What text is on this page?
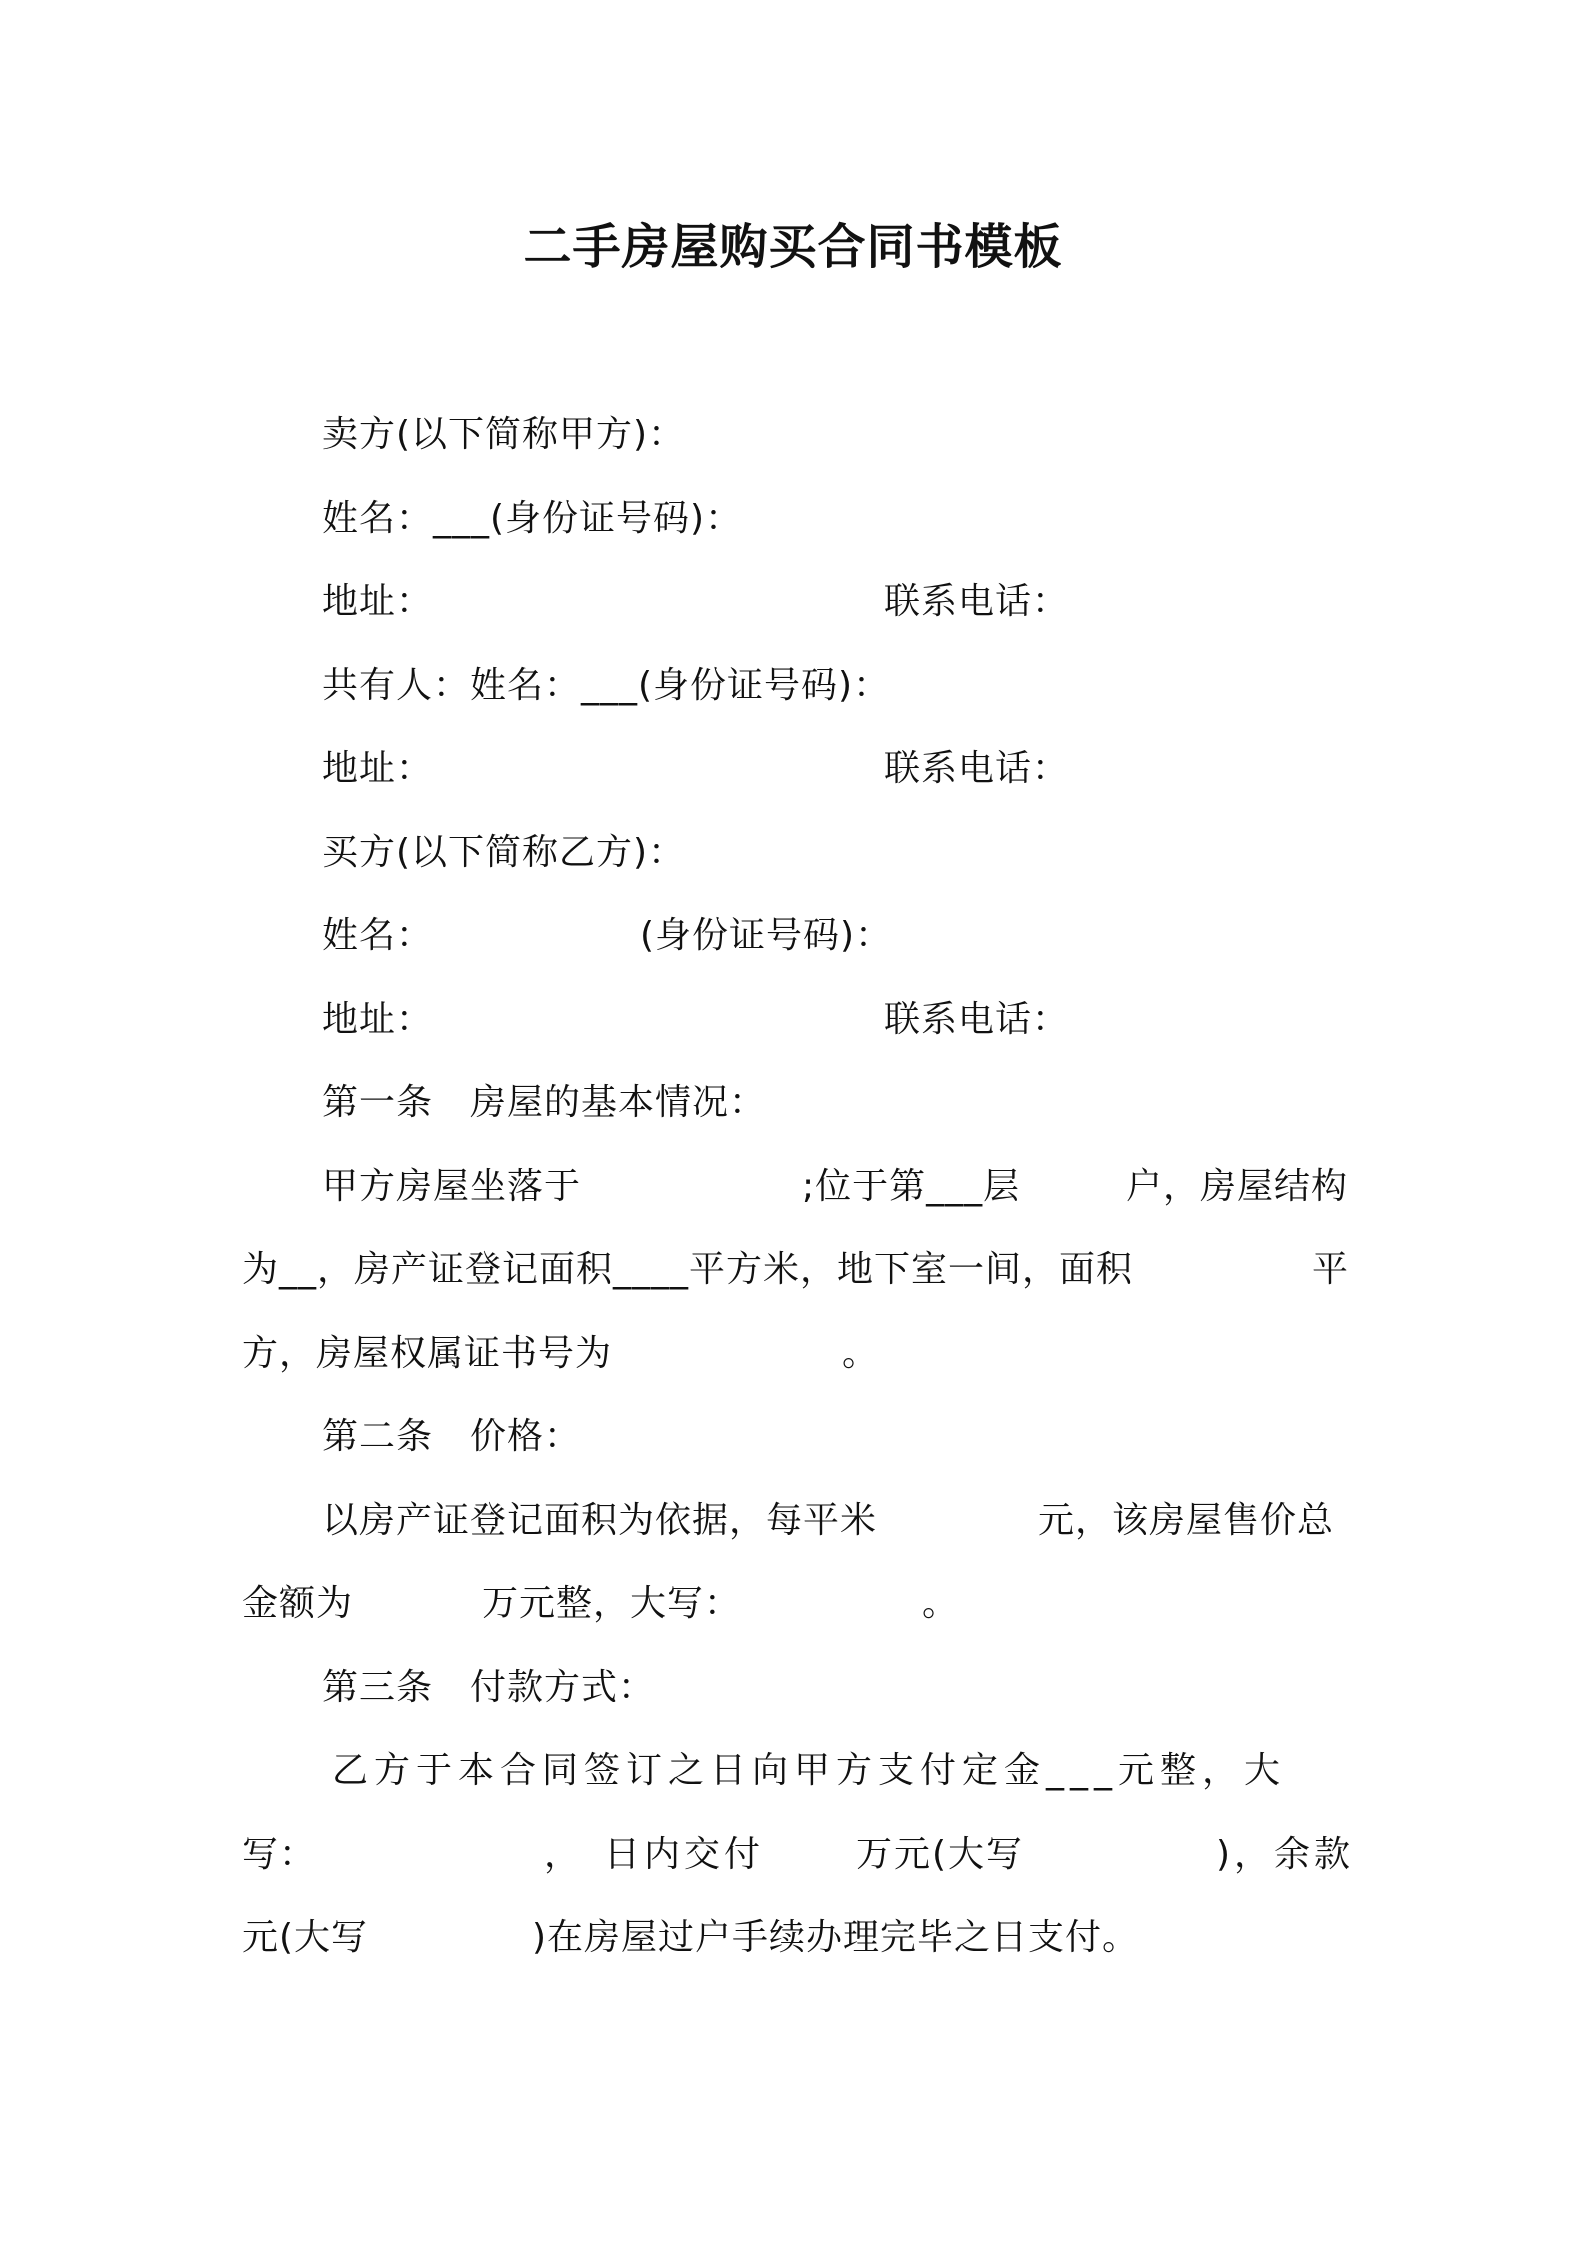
二手房屋购买合同书模板
卖方(以下简称甲方)：
姓名：___(身份证号码)：
地址：	联系电话：
共有人：姓名：___(身份证号码)：
地址：	联系电话：
买方(以下简称乙方)：
姓名：	(身份证号码)：
地址：	联系电话：
第一条　房屋的基本情况：
甲方房屋坐落于	;位于第___层	户，房屋结构
为__，房产证登记面积____平方米，地下室一间，面积	平
方，房屋权属证书号为	。
第二条　价格：
以房产证登记面积为依据，每平米	元，该房屋售价总
金额为	万元整，大写：	。
第三条　付款方式：
乙方于本合同签订之日向甲方支付定金___元整，大
写：	， 日内交付	万元(大写	)，余款
元(大写	)在房屋过户手续办理完毕之日支付。
